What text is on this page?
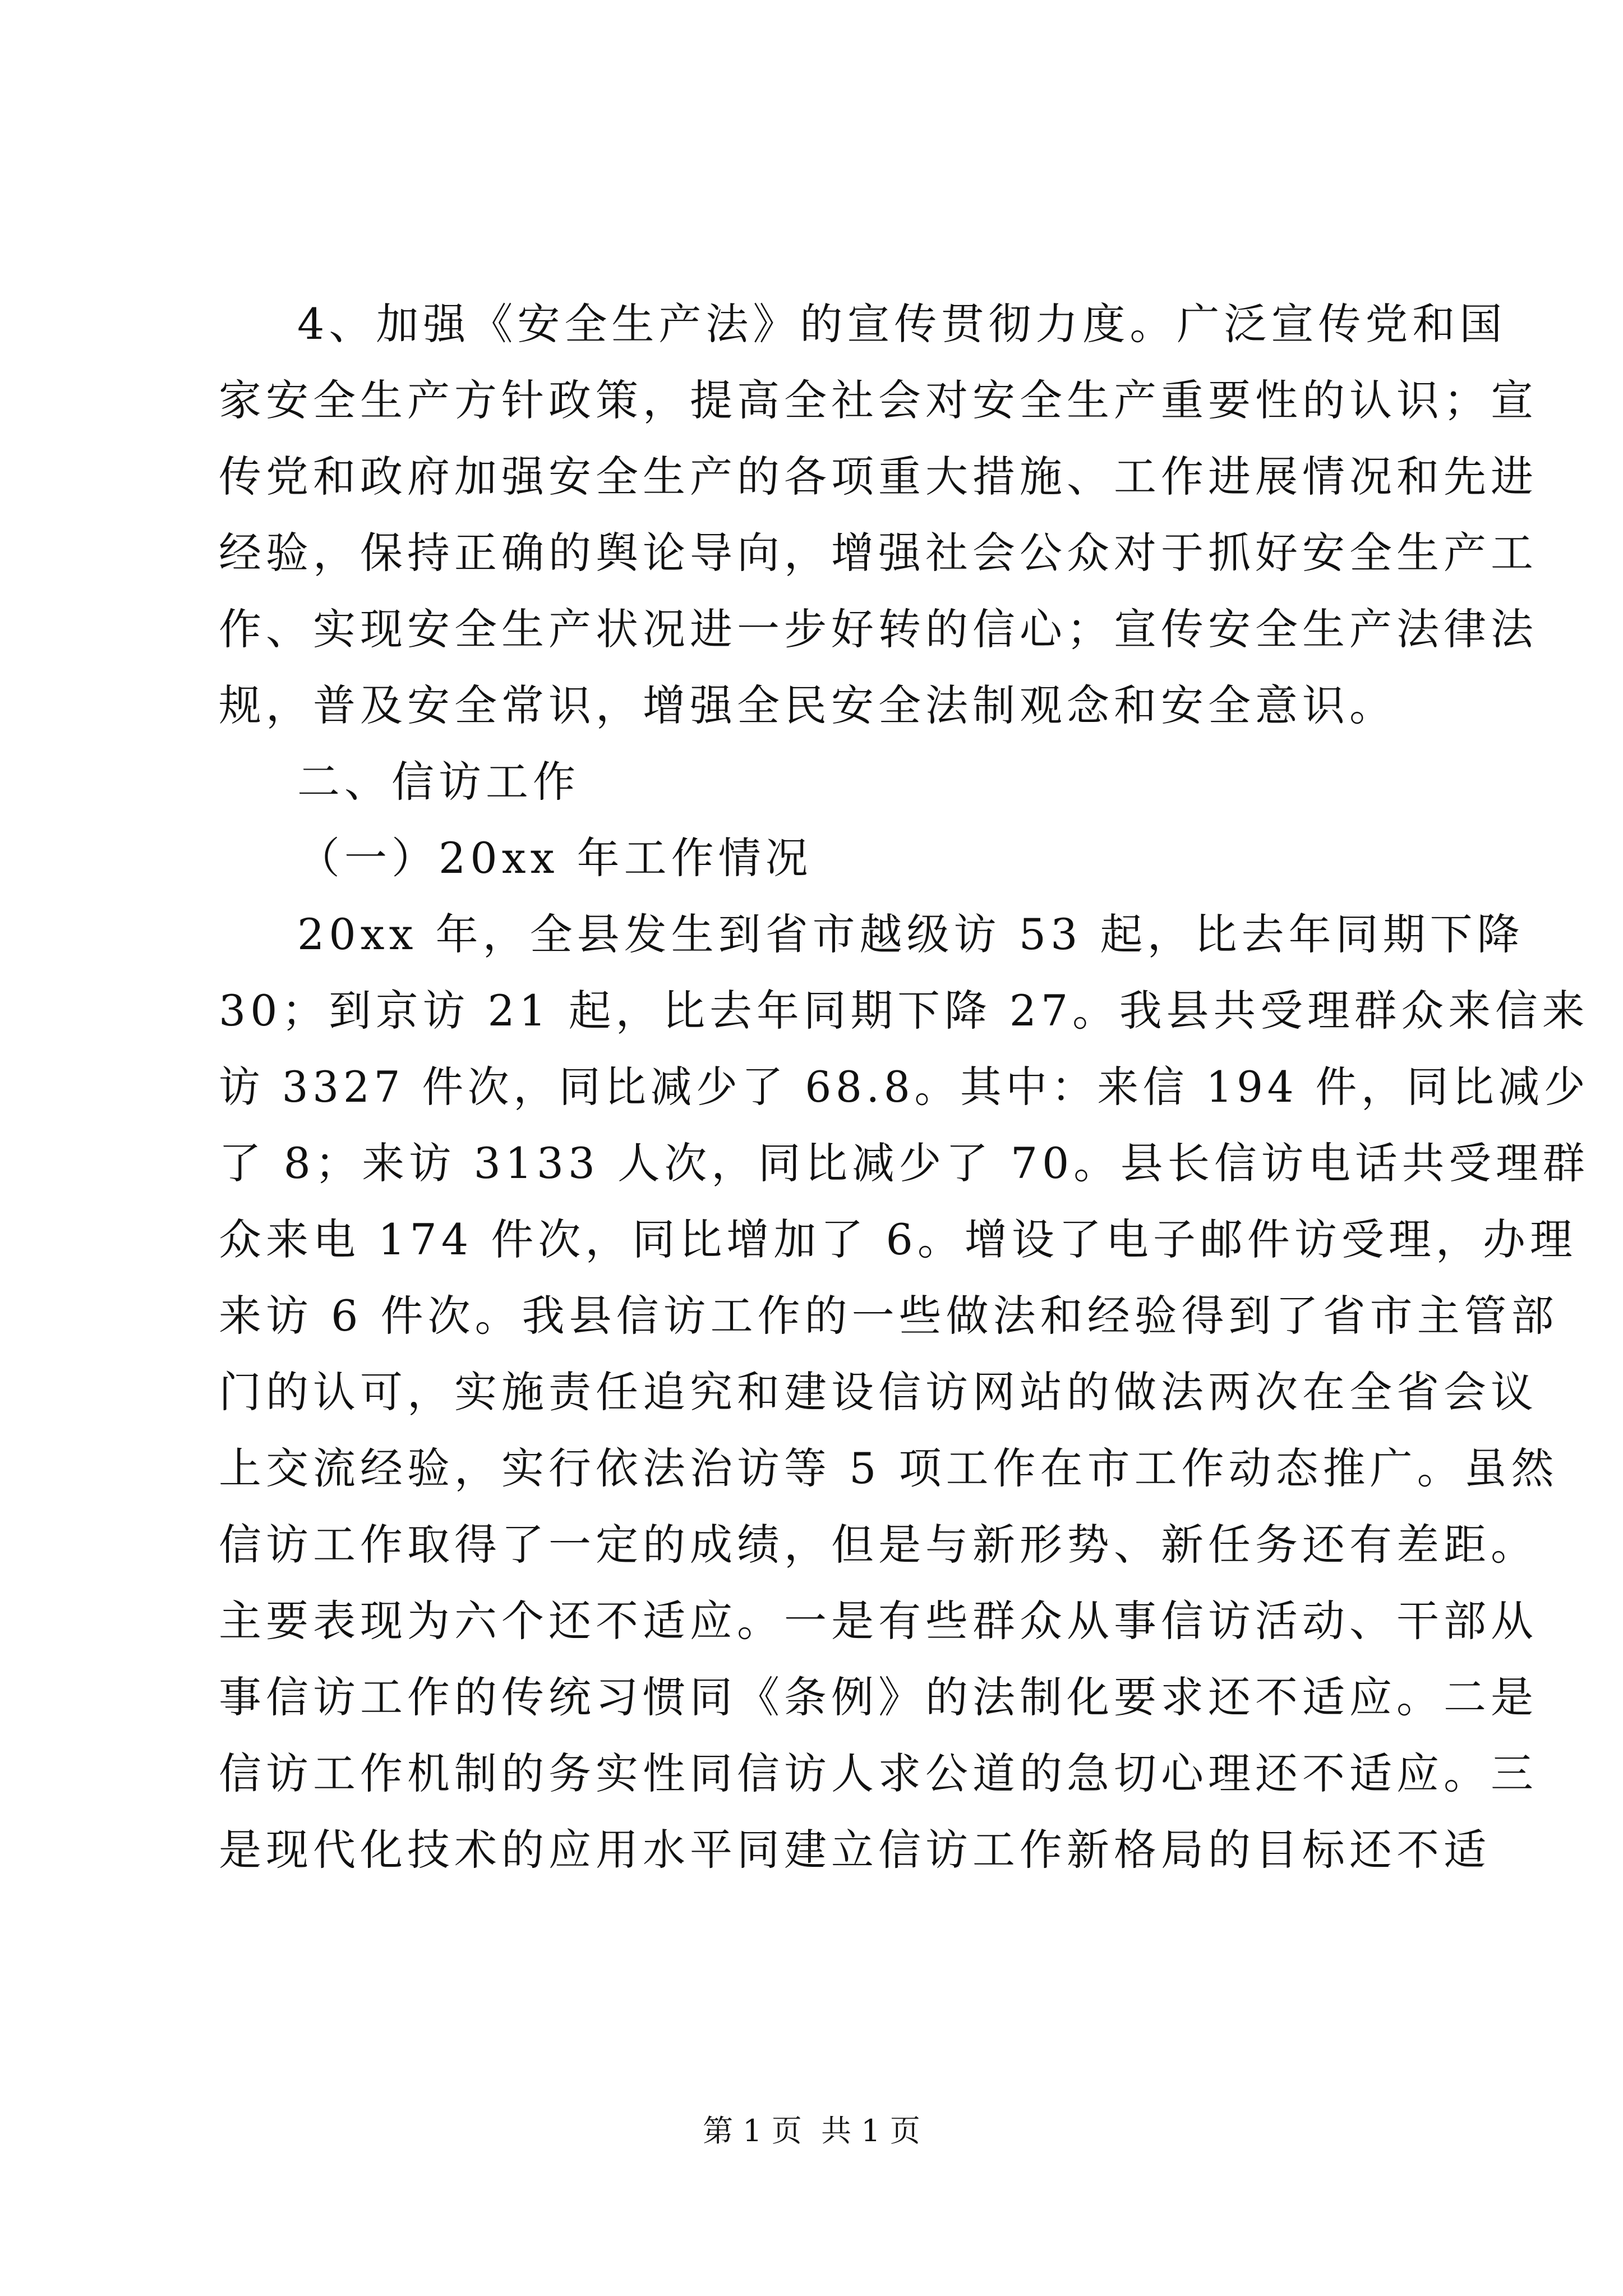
4、加强《安全生产法》的宣传贯彻力度。广泛宣传党和国
家安全生产方针政策，提高全社会对安全生产重要性的认识；宣
传党和政府加强安全生产的各项重大措施、工作进展情况和先进
经验，保持正确的舆论导向，增强社会公众对于抓好安全生产工
作、实现安全生产状况进一步好转的信心；宣传安全生产法律法
规，普及安全常识，增强全民安全法制观念和安全意识。
二、信访工作
（一）20xx 年工作情况
20xx 年，全县发生到省市越级访 53 起，比去年同期下降
30；到京访 21 起，比去年同期下降 27。我县共受理群众来信来
访 3327 件次，同比减少了 68.8。其中：来信 194 件，同比减少
了 8；来访 3133 人次，同比减少了 70。县长信访电话共受理群
众来电 174 件次，同比增加了 6。增设了电子邮件访受理，办理
来访 6 件次。我县信访工作的一些做法和经验得到了省市主管部
门的认可，实施责任追究和建设信访网站的做法两次在全省会议
上交流经验，实行依法治访等 5 项工作在市工作动态推广。虽然
信访工作取得了一定的成绩，但是与新形势、新任务还有差距。
主要表现为六个还不适应。一是有些群众从事信访活动、干部从
事信访工作的传统习惯同《条例》的法制化要求还不适应。二是
信访工作机制的务实性同信访人求公道的急切心理还不适应。三
是现代化技术的应用水平同建立信访工作新格局的目标还不适
第 1 页  共 1 页
